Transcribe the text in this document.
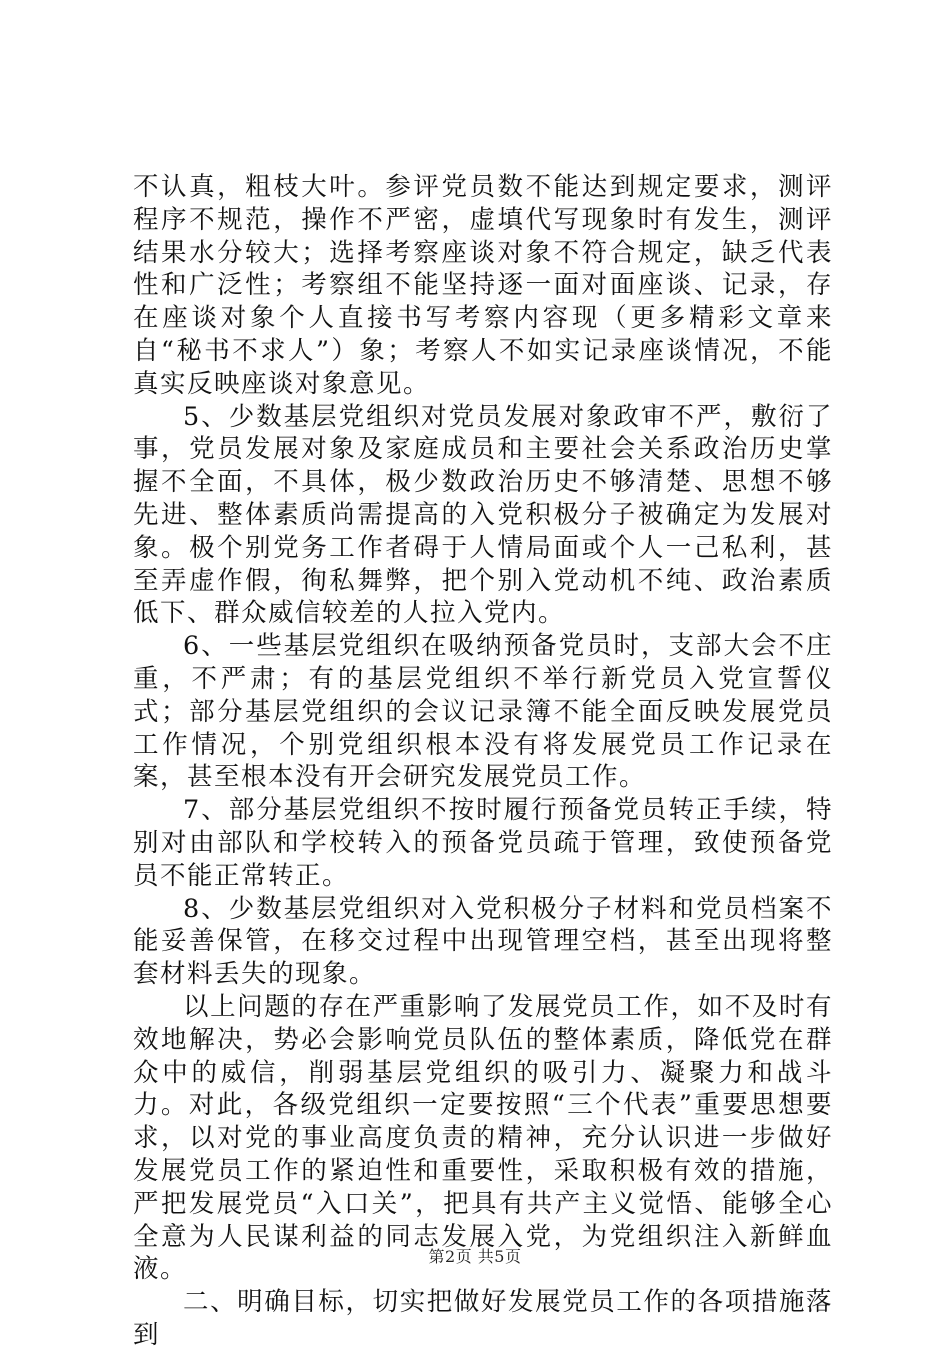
不认真，粗枝大叶。参评党员数不能达到规定要求，测评程序不规范，操作不严密，虚填代写现象时有发生，测评结果水分较大；选择考察座谈对象不符合规定，缺乏代表性和广泛性；考察组不能坚持逐一面对面座谈、记录，存在座谈对象个人直接书写考察内容现（更多精彩文章来自“秘书不求人”）象；考察人不如实记录座谈情况，不能真实反映座谈对象意见。

5、少数基层党组织对党员发展对象政审不严，敷衍了事，党员发展对象及家庭成员和主要社会关系政治历史掌握不全面，不具体，极少数政治历史不够清楚、思想不够先进、整体素质尚需提高的入党积极分子被确定为发展对象。极个别党务工作者碍于人情局面或个人一己私利，甚至弄虚作假，徇私舞弊，把个别入党动机不纯、政治素质低下、群众威信较差的人拉入党内。

6、一些基层党组织在吸纳预备党员时，支部大会不庄重，不严肃；有的基层党组织不举行新党员入党宣誓仪式；部分基层党组织的会议记录簿不能全面反映发展党员工作情况，个别党组织根本没有将发展党员工作记录在案，甚至根本没有开会研究发展党员工作。

7、部分基层党组织不按时履行预备党员转正手续，特别对由部队和学校转入的预备党员疏于管理，致使预备党员不能正常转正。

8、少数基层党组织对入党积极分子材料和党员档案不能妥善保管，在移交过程中出现管理空档，甚至出现将整套材料丢失的现象。

以上问题的存在严重影响了发展党员工作，如不及时有效地解决，势必会影响党员队伍的整体素质，降低党在群众中的威信，削弱基层党组织的吸引力、凝聚力和战斗力。对此，各级党组织一定要按照“三个代表”重要思想要求，以对党的事业高度负责的精神，充分认识进一步做好发展党员工作的紧迫性和重要性，采取积极有效的措施，严把发展党员“入口关”，把具有共产主义觉悟、能够全心全意为人民谋利益的同志发展入党，为党组织注入新鲜血液。

二、明确目标，切实把做好发展党员工作的各项措施落到

第2页 共5页
